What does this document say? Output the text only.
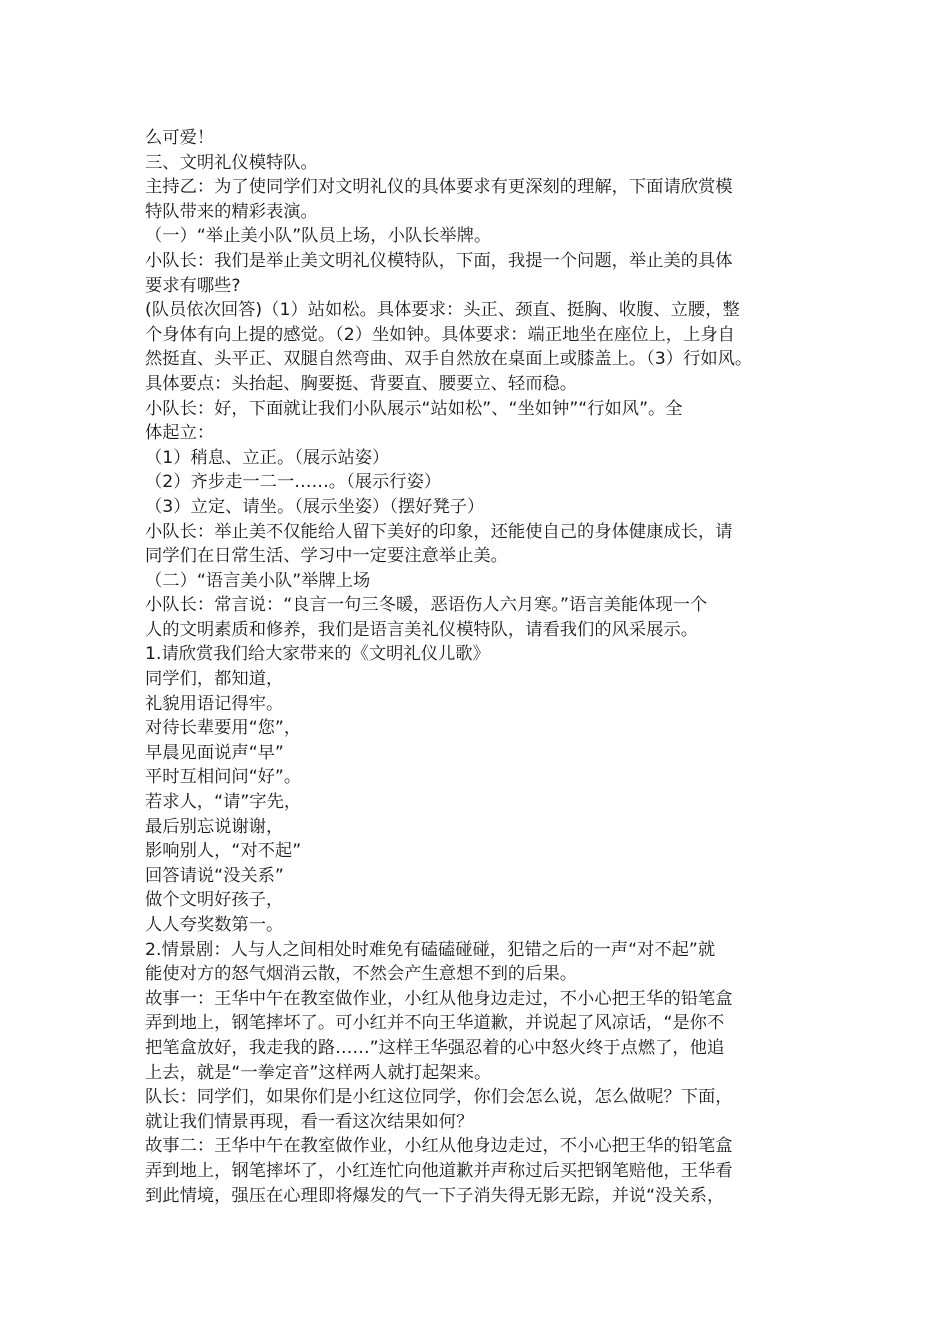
么可爱！
三、文明礼仪模特队。
主持乙：为了使同学们对文明礼仪的具体要求有更深刻的理解，下面请欣赏模
特队带来的精彩表演。
（一）“举止美小队”队员上场，小队长举牌。
小队长：我们是举止美文明礼仪模特队，下面，我提一个问题，举止美的具体
要求有哪些?
(队员依次回答)（1）站如松。具体要求：头正、颈直、挺胸、收腹、立腰，整
个身体有向上提的感觉。（2）坐如钟。具体要求：端正地坐在座位上，上身自
然挺直、头平正、双腿自然弯曲、双手自然放在桌面上或膝盖上。（3）行如风。
具体要点：头抬起、胸要挺、背要直、腰要立、轻而稳。
小队长：好，下面就让我们小队展示“站如松”、“坐如钟”“行如风”。全
体起立：
（1）稍息、立正。（展示站姿）
（2）齐步走一二一……。（展示行姿）
（3）立定、请坐。（展示坐姿）（摆好凳子）
小队长：举止美不仅能给人留下美好的印象，还能使自己的身体健康成长，请
同学们在日常生活、学习中一定要注意举止美。
（二）“语言美小队”举牌上场
小队长：常言说：“良言一句三冬暖，恶语伤人六月寒。”语言美能体现一个
人的文明素质和修养，我们是语言美礼仪模特队，请看我们的风采展示。
1.请欣赏我们给大家带来的《文明礼仪儿歌》
同学们，都知道，
礼貌用语记得牢。
对待长辈要用“您”，
早晨见面说声“早”
平时互相问问“好”。
若求人，“请”字先，
最后别忘说谢谢，
影响别人，“对不起”
回答请说“没关系”
做个文明好孩子，
人人夸奖数第一。
2.情景剧：人与人之间相处时难免有磕磕碰碰，犯错之后的一声“对不起”就
能使对方的怒气烟消云散，不然会产生意想不到的后果。
故事一：王华中午在教室做作业，小红从他身边走过，不小心把王华的铅笔盒
弄到地上，钢笔摔坏了。可小红并不向王华道歉，并说起了风凉话，“是你不
把笔盒放好，我走我的路……”这样王华强忍着的心中怒火终于点燃了，他追
上去，就是“一拳定音”这样两人就打起架来。
队长：同学们，如果你们是小红这位同学，你们会怎么说，怎么做呢？下面，
就让我们情景再现，看一看这次结果如何？
故事二：王华中午在教室做作业，小红从他身边走过，不小心把王华的铅笔盒
弄到地上，钢笔摔坏了，小红连忙向他道歉并声称过后买把钢笔赔他，王华看
到此情境，强压在心理即将爆发的气一下子消失得无影无踪，并说“没关系，
